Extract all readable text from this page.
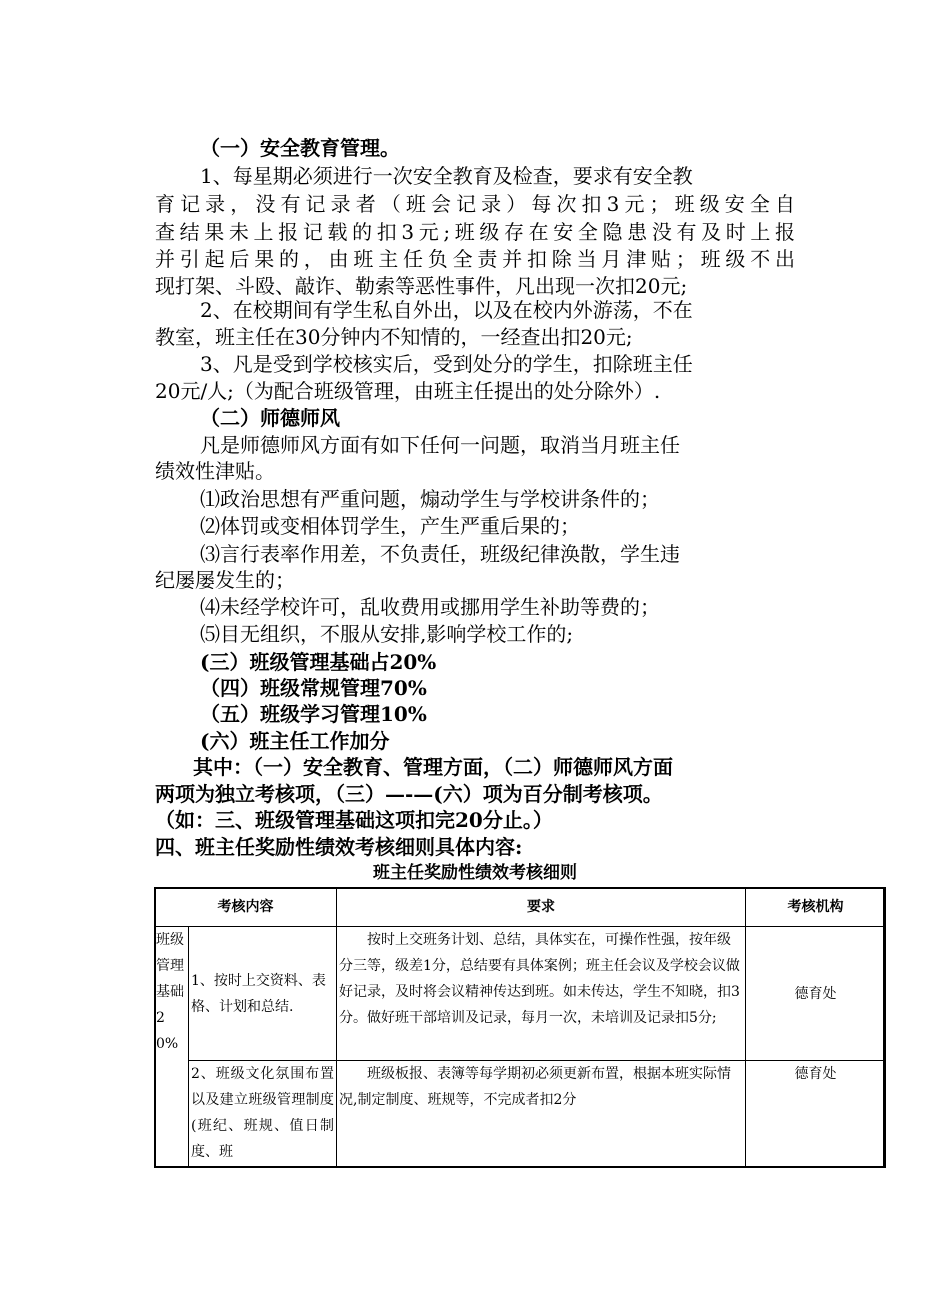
（一）安全教育管理。
1、每星期必须进行一次安全教育及检查，要求有安全教
育记录，没有记录者（班会记录）每次扣3元；班级安全自
查结果未上报记载的扣3元;班级存在安全隐患没有及时上报
并引起后果的，由班主任负全责并扣除当月津贴；班级不出
现打架、斗殴、敲诈、勒索等恶性事件，凡出现一次扣20元;
2、在校期间有学生私自外出，以及在校内外游荡，不在
教室，班主任在30分钟内不知情的，一经查出扣20元;
3、凡是受到学校核实后，受到处分的学生，扣除班主任
20元/人;（为配合班级管理，由班主任提出的处分除外）.
（二）师德师风
凡是师德师风方面有如下任何一问题，取消当月班主任
绩效性津贴。
⑴政治思想有严重问题，煽动学生与学校讲条件的；
⑵体罚或变相体罚学生，产生严重后果的；
⑶言行表率作用差，不负责任，班级纪律涣散，学生违
纪屡屡发生的；
⑷未经学校许可，乱收费用或挪用学生补助等费的；
⑸目无组织，不服从安排,影响学校工作的;
(三）班级管理基础占20%
（四）班级常规管理70%
（五）班级学习管理10%
(六）班主任工作加分
其中：（一）安全教育、管理方面，（二）师德师风方面
两项为独立考核项，（三）—-—(六）项为百分制考核项。
（如：三、班级管理基础这项扣完20分止。）
四、班主任奖励性绩效考核细则具体内容:
班主任奖励性绩效考核细则
考核内容		要求	考核机构
班级管理基础20%	1、按时上交资料、表格、计划和总结.	按时上交班务计划、总结，具体实在，可操作性强，按年级分三等，级差1分，总结要有具体案例；班主任会议及学校会议做好记录，及时将会议精神传达到班。如未传达，学生不知晓，扣3分。做好班干部培训及记录，每月一次，未培训及记录扣5分;	德育处
	2、班级文化氛围布置以及建立班级管理制度(班纪、班规、值日制度、班	班级板报、表簿等每学期初必须更新布置，根据本班实际情况,制定制度、班规等，不完成者扣2分	德育处
